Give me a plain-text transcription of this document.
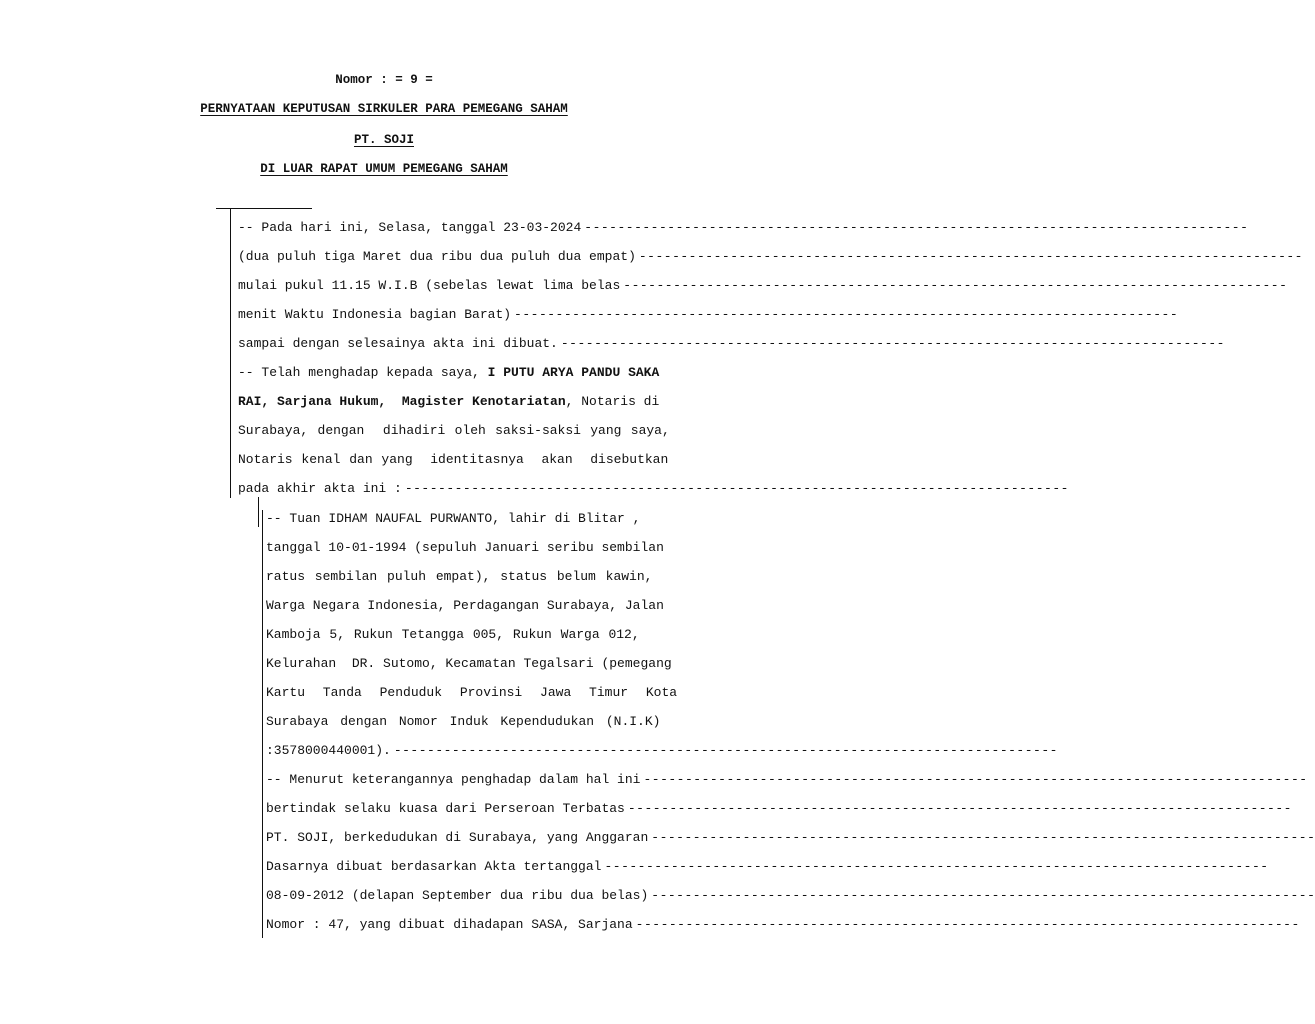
Nomor : = 9 =
PERNYATAAN KEPUTUSAN SIRKULER PARA PEMEGANG SAHAM
PT. SOJI
DI LUAR RAPAT UMUM PEMEGANG SAHAM
-- Pada hari ini, Selasa, tanggal 23-03-2024 --------------------------------------------------------------------------------
(dua puluh tiga Maret dua ribu dua puluh dua empat) --------------------------------------------------------------------------------
mulai pukul 11.15 W.I.B (sebelas lewat lima belas --------------------------------------------------------------------------------
menit Waktu Indonesia bagian Barat) --------------------------------------------------------------------------------
sampai dengan selesainya akta ini dibuat. --------------------------------------------------------------------------------
-- Telah menghadap kepada saya, I PUTU ARYA PANDU SAKA
RAI, Sarjana Hukum,  Magister Kenotariatan, Notaris di
Surabaya, dengan  dihadiri oleh saksi-saksi yang saya,
Notaris kenal dan yang  identitasnya  akan  disebutkan
pada akhir akta ini : --------------------------------------------------------------------------------
-- Tuan IDHAM NAUFAL PURWANTO, lahir di Blitar ,
tanggal 10-01-1994 (sepuluh Januari seribu sembilan
ratus sembilan puluh empat), status belum kawin,
Warga Negara Indonesia, Perdagangan Surabaya, Jalan
Kamboja 5, Rukun Tetangga 005, Rukun Warga 012,
Kelurahan  DR. Sutomo, Kecamatan Tegalsari (pemegang
Kartu Tanda Penduduk Provinsi Jawa Timur Kota
Surabaya dengan Nomor Induk Kependudukan (N.I.K)
:3578000440001). --------------------------------------------------------------------------------
-- Menurut keterangannya penghadap dalam hal ini --------------------------------------------------------------------------------
bertindak selaku kuasa dari Perseroan Terbatas --------------------------------------------------------------------------------
PT. SOJI, berkedudukan di Surabaya, yang Anggaran --------------------------------------------------------------------------------
Dasarnya dibuat berdasarkan Akta tertanggal --------------------------------------------------------------------------------
08-09-2012 (delapan September dua ribu dua belas) --------------------------------------------------------------------------------
Nomor : 47, yang dibuat dihadapan SASA, Sarjana --------------------------------------------------------------------------------
